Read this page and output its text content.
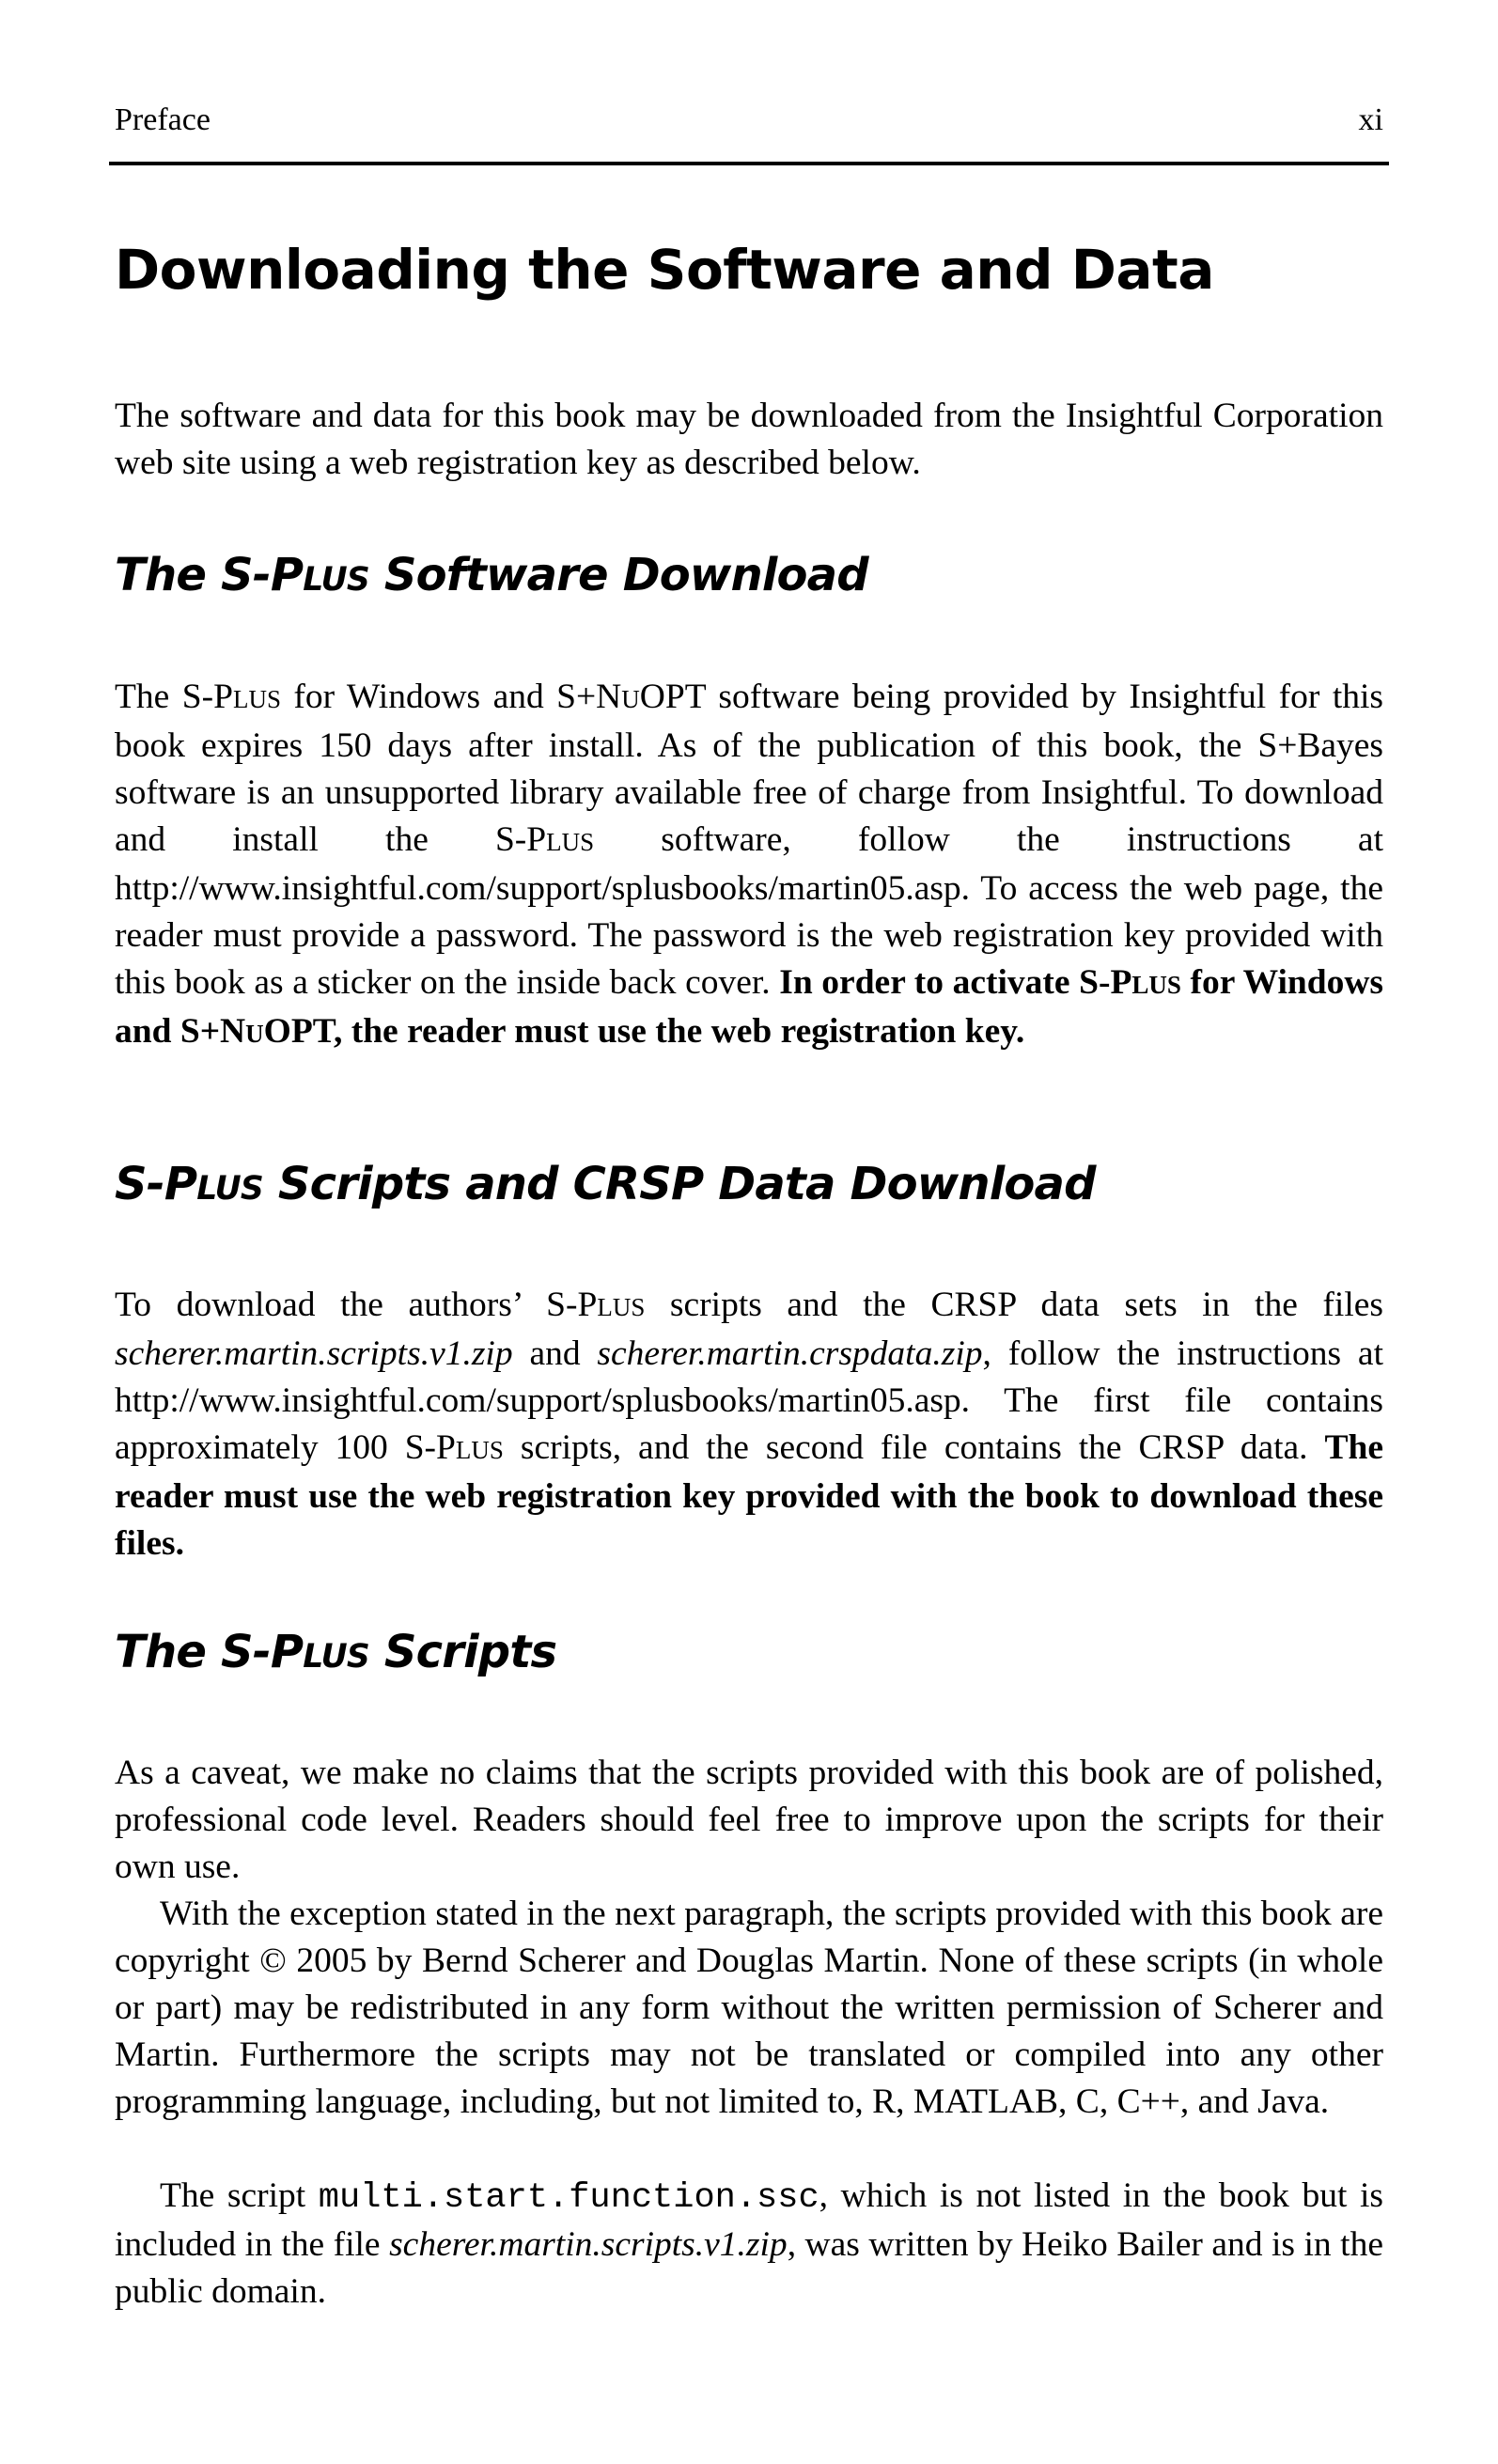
Preface	xi
Downloading the Software and Data

The software and data for this book may be downloaded from the Insightful Corporation web site using a web registration key as described below.

The S-PLUS Software Download

The S-PLUS for Windows and S+NUOPT software being provided by Insightful for this book expires 150 days after install. As of the publication of this book, the S+Bayes software is an unsupported library available free of charge from Insightful. To download and install the S-PLUS software, follow the instructions at http://www.insightful.com/support/splusbooks/martin05.asp. To access the web page, the reader must provide a password. The password is the web registration key provided with this book as a sticker on the inside back cover. In order to activate S-PLUS for Windows and S+NUOPT, the reader must use the web registration key.

S-PLUS Scripts and CRSP Data Download

To download the authors’ S-PLUS scripts and the CRSP data sets in the files scherer.martin.scripts.v1.zip and scherer.martin.crspdata.zip, follow the instructions at http://www.insightful.com/support/splusbooks/martin05.asp. The first file contains approximately 100 S-PLUS scripts, and the second file contains the CRSP data. The reader must use the web registration key provided with the book to download these files.

The S-PLUS Scripts

As a caveat, we make no claims that the scripts provided with this book are of polished, professional code level. Readers should feel free to improve upon the scripts for their own use.

With the exception stated in the next paragraph, the scripts provided with this book are copyright © 2005 by Bernd Scherer and Douglas Martin. None of these scripts (in whole or part) may be redistributed in any form without the written permission of Scherer and Martin. Furthermore the scripts may not be translated or compiled into any other programming language, including, but not limited to, R, MATLAB, C, C++, and Java.

The script multi.start.function.ssc, which is not listed in the book but is included in the file scherer.martin.scripts.v1.zip, was written by Heiko Bailer and is in the public domain.
